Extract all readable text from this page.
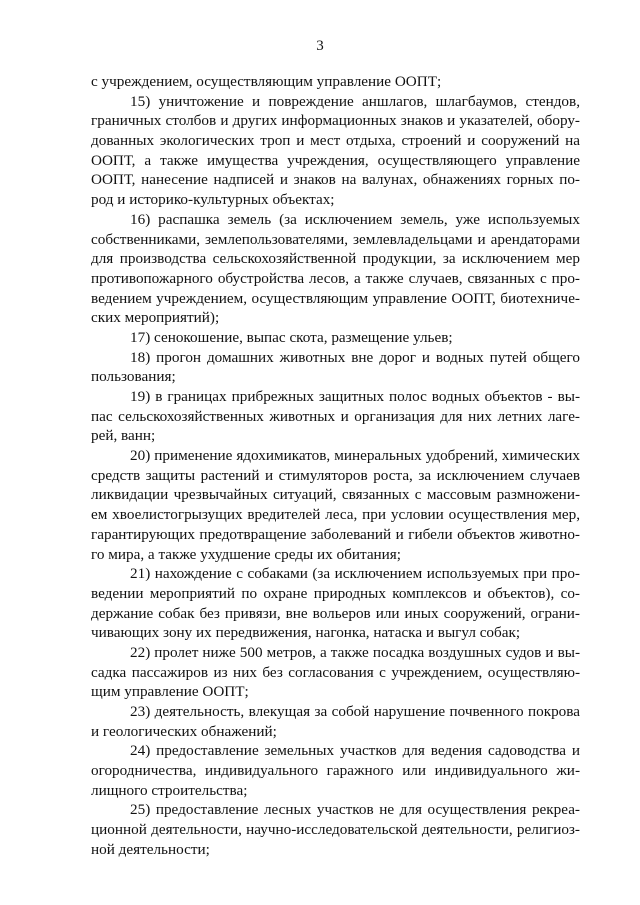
3
с учреждением, осуществляющим управление ООПТ;
15) уничтожение и повреждение аншлагов, шлагбаумов, стендов,
граничных столбов и других информационных знаков и указателей, обору-
дованных экологических троп и мест отдыха, строений и сооружений на
ООПТ, а также имущества учреждения, осуществляющего управление
ООПТ, нанесение надписей и знаков на валунах, обнажениях горных по-
род и историко-культурных объектах;
16) распашка земель (за исключением земель, уже используемых
собственниками, землепользователями, землевладельцами и арендаторами
для производства сельскохозяйственной продукции, за исключением мер
противопожарного обустройства лесов, а также случаев, связанных с про-
ведением учреждением, осуществляющим управление ООПТ, биотехниче-
ских мероприятий);
17) сенокошение, выпас скота, размещение ульев;
18) прогон домашних животных вне дорог и водных путей общего
пользования;
19) в границах прибрежных защитных полос водных объектов - вы-
пас сельскохозяйственных животных и организация для них летних лаге-
рей, ванн;
20) применение ядохимикатов, минеральных удобрений, химических
средств защиты растений и стимуляторов роста, за исключением случаев
ликвидации чрезвычайных ситуаций, связанных с массовым размножени-
ем хвоелистогрызущих вредителей леса, при условии осуществления мер,
гарантирующих предотвращение заболеваний и гибели объектов животно-
го мира, а также ухудшение среды их обитания;
21) нахождение с собаками (за исключением используемых при про-
ведении мероприятий по охране природных комплексов и объектов), со-
держание собак без привязи, вне вольеров или иных сооружений, ограни-
чивающих зону их передвижения, нагонка, натаска и выгул собак;
22) пролет ниже 500 метров, а также посадка воздушных судов и вы-
садка пассажиров из них без согласования с учреждением, осуществляю-
щим управление ООПТ;
23) деятельность, влекущая за собой нарушение почвенного покрова
и геологических обнажений;
24) предоставление земельных участков для ведения садоводства и
огородничества, индивидуального гаражного или индивидуального жи-
лищного строительства;
25) предоставление лесных участков не для осуществления рекреа-
ционной деятельности, научно-исследовательской деятельности, религиоз-
ной деятельности;
